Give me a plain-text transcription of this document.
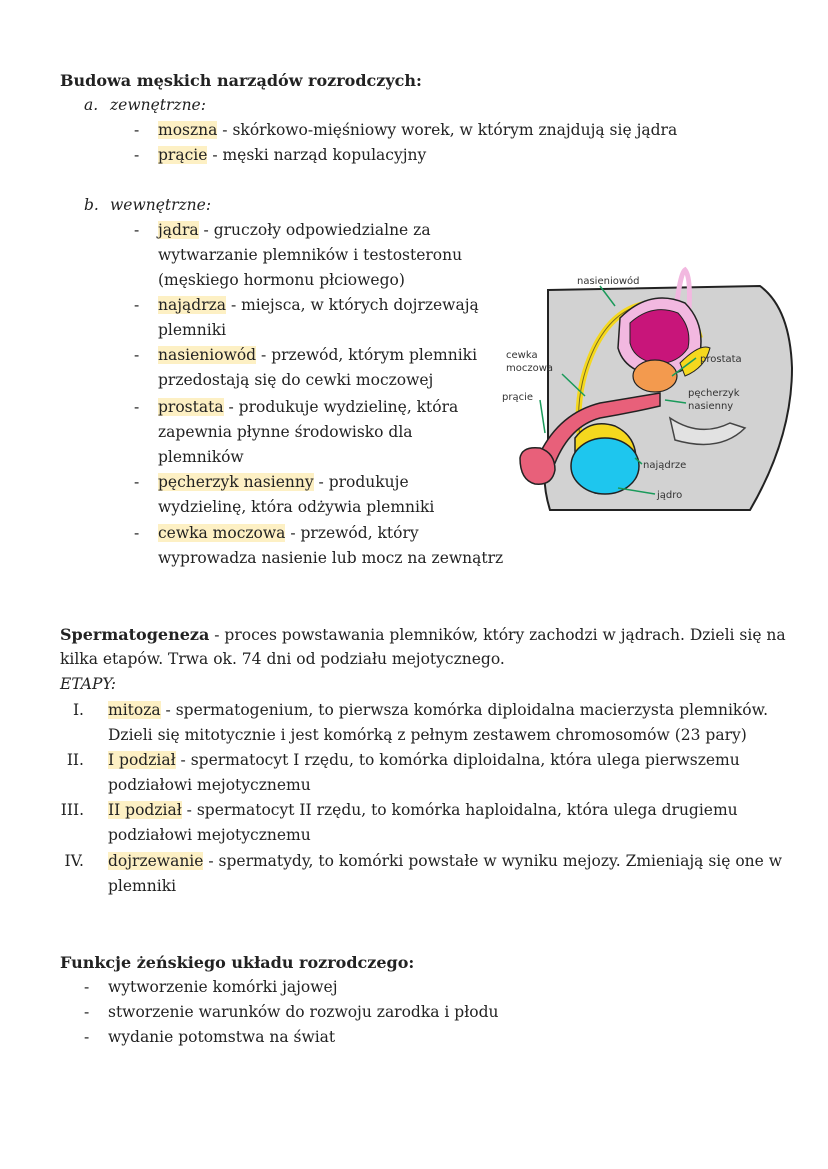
Budowa męskich narządów rozrodczych:
a. zewnętrzne:
- moszna - skórkowo-mięśniowy worek, w którym znajdują się jądra
- prącie - męski narząd kopulacyjny
b. wewnętrzne:
- jądra - gruczoły odpowiedzialne za
wytwarzanie plemników i testosteronu
(męskiego hormonu płciowego)
- najądrza - miejsca, w których dojrzewają
plemniki
- nasieniowód - przewód, którym plemniki
przedostają się do cewki moczowej
- prostata - produkuje wydzielinę, która
zapewnia płynne środowisko dla
plemników
- pęcherzyk nasienny - produkuje
wydzielinę, która odżywia plemniki
- cewka moczowa - przewód, który
wyprowadza nasienie lub mocz na zewnątrz
nasieniowód
cewka
moczowa
prącie
prostata
pęcherzyk
nasienny
najądrze
jądro
Spermatogeneza - proces powstawania plemników, który zachodzi w jądrach. Dzieli się na
kilka etapów. Trwa ok. 74 dni od podziału mejotycznego.
ETAPY:
I. mitoza - spermatogenium, to pierwsza komórka diploidalna macierzysta plemników.
Dzieli się mitotycznie i jest komórką z pełnym zestawem chromosomów (23 pary)
II. I podział - spermatocyt I rzędu, to komórka diploidalna, która ulega pierwszemu
podziałowi mejotycznemu
III. II podział - spermatocyt II rzędu, to komórka haploidalna, która ulega drugiemu
podziałowi mejotycznemu
IV. dojrzewanie - spermatydy, to komórki powstałe w wyniku mejozy. Zmieniają się one w
plemniki
Funkcje żeńskiego układu rozrodczego:
- wytworzenie komórki jajowej
- stworzenie warunków do rozwoju zarodka i płodu
- wydanie potomstwa na świat
